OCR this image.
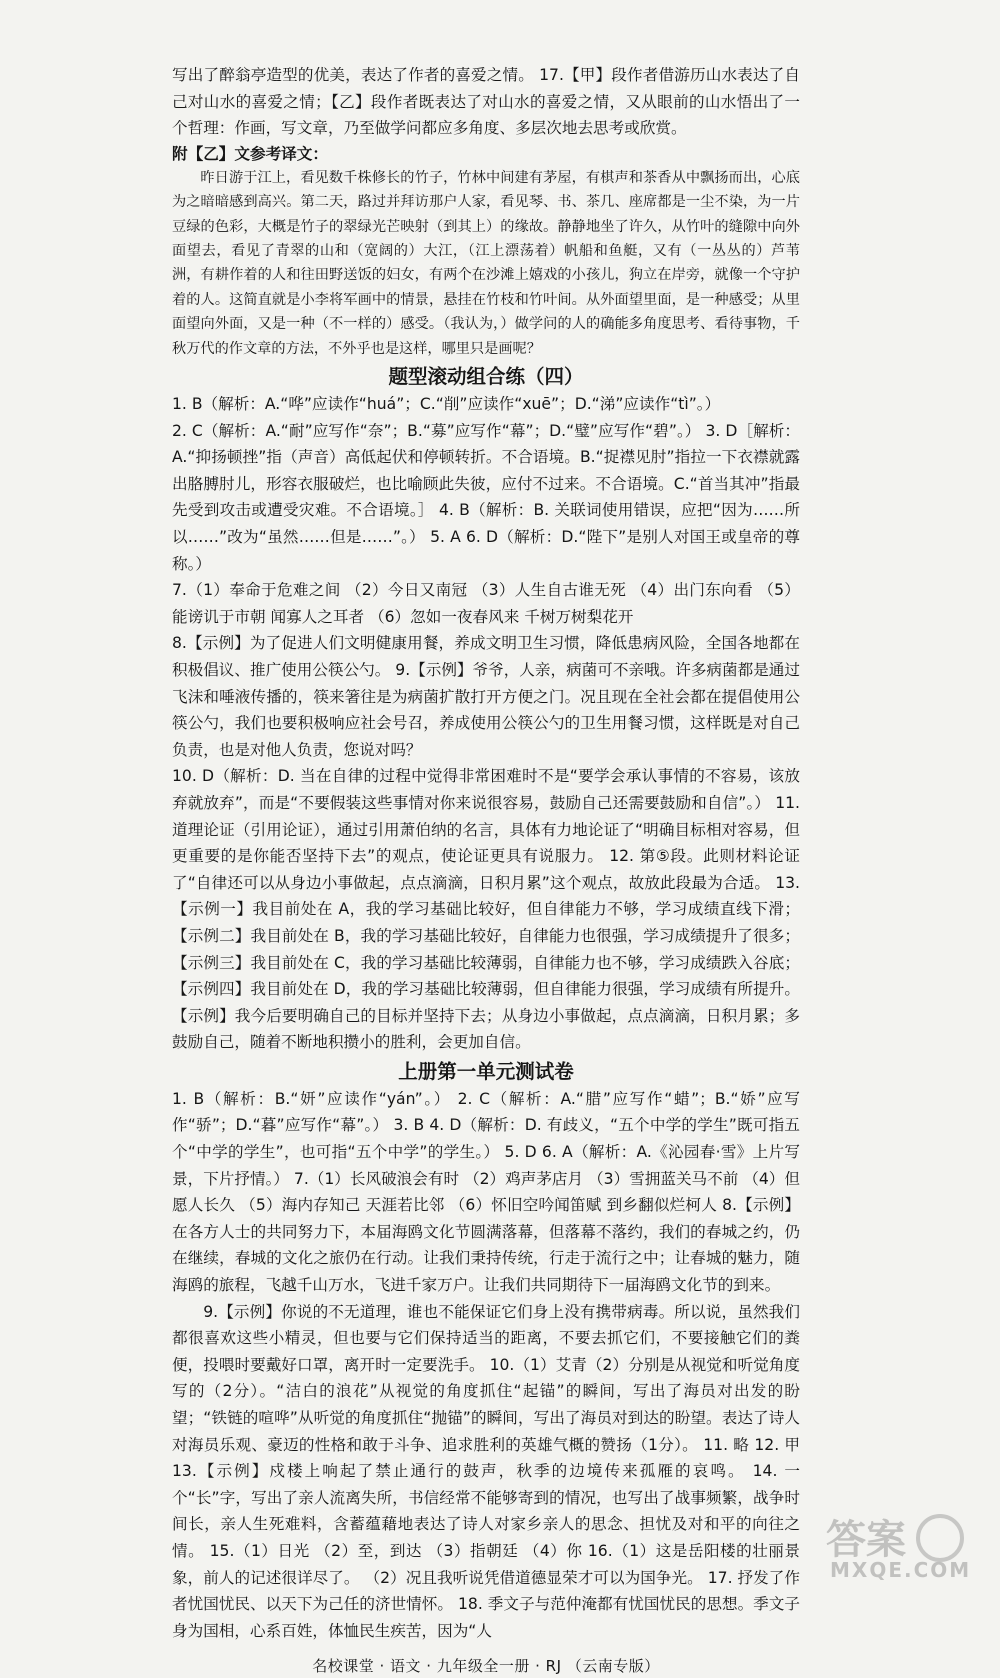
写出了醉翁亭造型的优美，表达了作者的喜爱之情。 17.【甲】段作者借游历山水表达了自己对山水的喜爱之情；【乙】段作者既表达了对山水的喜爱之情，又从眼前的山水悟出了一个哲理：作画，写文章，乃至做学问都应多角度、多层次地去思考或欣赏。

附【乙】文参考译文：

昨日游于江上，看见数千株修长的竹子，竹林中间建有茅屋，有棋声和茶香从中飘扬而出，心底为之暗暗感到高兴。第二天，路过并拜访那户人家，看见琴、书、茶几、座席都是一尘不染，为一片豆绿的色彩，大概是竹子的翠绿光芒映射（到其上）的缘故。静静地坐了许久，从竹叶的缝隙中向外面望去，看见了青翠的山和（宽阔的）大江，（江上漂荡着）帆船和鱼艇，又有（一丛丛的）芦苇洲，有耕作着的人和往田野送饭的妇女，有两个在沙滩上嬉戏的小孩儿，狗立在岸旁，就像一个守护着的人。这简直就是小李将军画中的情景，悬挂在竹枝和竹叶间。从外面望里面，是一种感受；从里面望向外面，又是一种（不一样的）感受。（我认为，）做学问的人的确能多角度思考、看待事物，千秋万代的作文章的方法，不外乎也是这样，哪里只是画呢？

题型滚动组合练（四）

1. B（解析：A.“哗”应读作“huá”；C.“削”应读作“xuē”；D.“涕”应读作“tì”。）

2. C（解析：A.“耐”应写作“奈”；B.“募”应写作“幕”；D.“璧”应写作“碧”。） 3. D［解析：A.“抑扬顿挫”指（声音）高低起伏和停顿转折。不合语境。B.“捉襟见肘”指拉一下衣襟就露出胳膊肘儿，形容衣服破烂，也比喻顾此失彼，应付不过来。不合语境。C.“首当其冲”指最先受到攻击或遭受灾难。不合语境。］ 4. B（解析：B. 关联词使用错误，应把“因为……所以……”改为“虽然……但是……”。） 5. A 6. D（解析：D.“陛下”是别人对国王或皇帝的尊称。）

7.（1）奉命于危难之间 （2）今日又南冠 （3）人生自古谁无死 （4）出门东向看 （5）能谤讥于市朝 闻寡人之耳者 （6）忽如一夜春风来 千树万树梨花开

8.【示例】为了促进人们文明健康用餐，养成文明卫生习惯，降低患病风险，全国各地都在积极倡议、推广使用公筷公勺。 9.【示例】爷爷，人亲，病菌可不亲哦。许多病菌都是通过飞沫和唾液传播的，筷来箸往是为病菌扩散打开方便之门。况且现在全社会都在提倡使用公筷公勺，我们也要积极响应社会号召，养成使用公筷公勺的卫生用餐习惯，这样既是对自己负责，也是对他人负责，您说对吗？

10. D（解析：D. 当在自律的过程中觉得非常困难时不是“要学会承认事情的不容易，该放弃就放弃”，而是“不要假装这些事情对你来说很容易，鼓励自己还需要鼓励和自信”。） 11. 道理论证（引用论证），通过引用萧伯纳的名言，具体有力地论证了“明确目标相对容易，但更重要的是你能否坚持下去”的观点，使论证更具有说服力。 12. 第⑤段。此则材料论证了“自律还可以从身边小事做起，点点滴滴，日积月累”这个观点，故放此段最为合适。 13.【示例一】我目前处在 A，我的学习基础比较好，但自律能力不够，学习成绩直线下滑；【示例二】我目前处在 B，我的学习基础比较好，自律能力也很强，学习成绩提升了很多；【示例三】我目前处在 C，我的学习基础比较薄弱，自律能力也不够，学习成绩跌入谷底；【示例四】我目前处在 D，我的学习基础比较薄弱，但自律能力很强，学习成绩有所提升。【示例】我今后要明确自己的目标并坚持下去；从身边小事做起，点点滴滴，日积月累；多鼓励自己，随着不断地积攒小的胜利，会更加自信。

上册第一单元测试卷

1. B（解析：B.“妍”应读作“yán”。） 2. C（解析：A.“腊”应写作“蜡”；B.“娇”应写作“骄”；D.“暮”应写作“幕”。） 3. B 4. D（解析：D. 有歧义，“五个中学的学生”既可指五个“中学的学生”，也可指“五个中学”的学生。） 5. D 6. A（解析：A.《沁园春·雪》上片写景，下片抒情。） 7.（1）长风破浪会有时 （2）鸡声茅店月 （3）雪拥蓝关马不前 （4）但愿人长久 （5）海内存知己 天涯若比邻 （6）怀旧空吟闻笛赋 到乡翻似烂柯人 8.【示例】在各方人士的共同努力下，本届海鸥文化节圆满落幕，但落幕不落约，我们的春城之约，仍在继续，春城的文化之旅仍在行动。让我们秉持传统，行走于流行之中；让春城的魅力，随海鸥的旅程，飞越千山万水，飞进千家万户。让我们共同期待下一届海鸥文化节的到来。

9.【示例】你说的不无道理，谁也不能保证它们身上没有携带病毒。所以说，虽然我们都很喜欢这些小精灵，但也要与它们保持适当的距离，不要去抓它们，不要接触它们的粪便，投喂时要戴好口罩，离开时一定要洗手。 10.（1）艾青（2）分别是从视觉和听觉角度写的（2分）。“洁白的浪花”从视觉的角度抓住“起锚”的瞬间，写出了海员对出发的盼望；“铁链的喧哗”从听觉的角度抓住“抛锚”的瞬间，写出了海员对到达的盼望。表达了诗人对海员乐观、豪迈的性格和敢于斗争、追求胜利的英雄气概的赞扬（1分）。 11. 略 12. 甲 13.【示例】戍楼上响起了禁止通行的鼓声，秋季的边境传来孤雁的哀鸣。 14. 一个“长”字，写出了亲人流离失所，书信经常不能够寄到的情况，也写出了战事频繁，战争时间长，亲人生死难料，含蓄蕴藉地表达了诗人对家乡亲人的思念、担忧及对和平的向往之情。 15.（1）日光 （2）至，到达 （3）指朝廷 （4）你 16.（1）这是岳阳楼的壮丽景象，前人的记述很详尽了。 （2）况且我听说凭借道德显荣才可以为国争光。 17. 抒发了作者忧国忧民、以天下为己任的济世情怀。 18. 季文子与范仲淹都有忧国忧民的思想。季文子身为国相，心系百姓，体恤民生疾苦，因为“人

名校课堂 · 语文 · 九年级全一册 · RJ （云南专版）
答案
MXQE.COM
